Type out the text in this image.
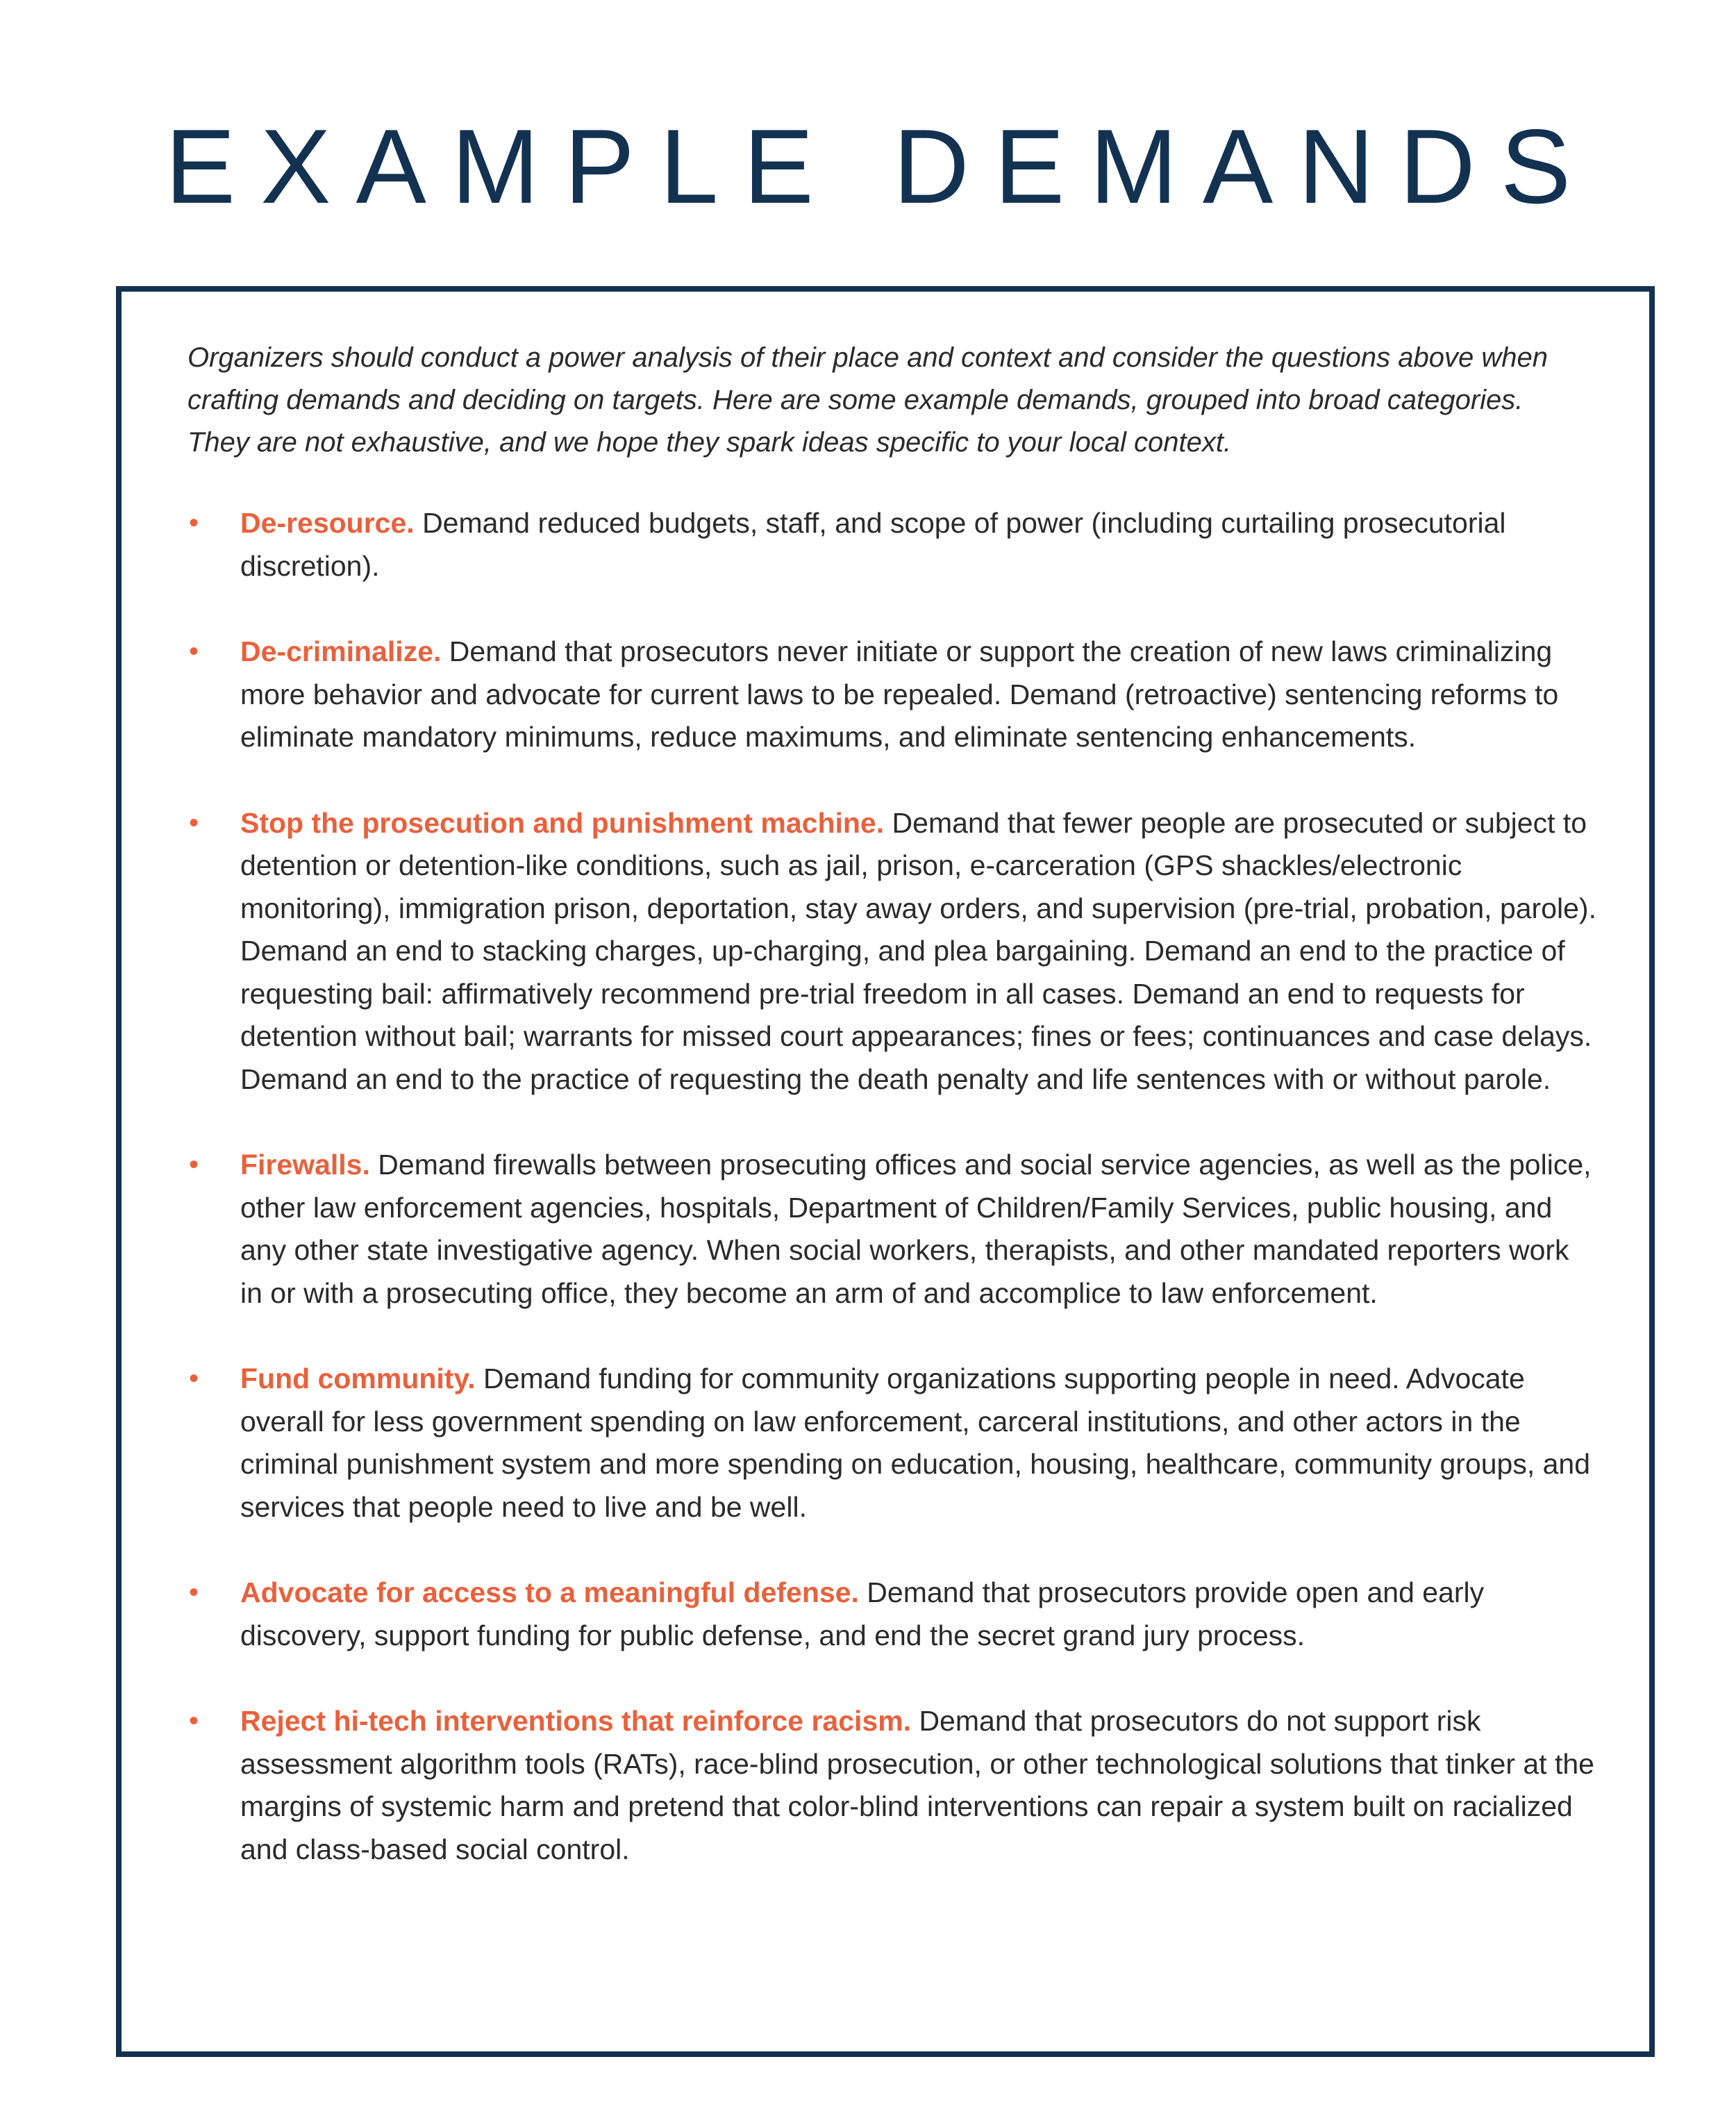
EXAMPLE DEMANDS

Organizers should conduct a power analysis of their place and context and consider the questions above when crafting demands and deciding on targets. Here are some example demands, grouped into broad categories. They are not exhaustive, and we hope they spark ideas specific to your local context.

• De-resource. Demand reduced budgets, staff, and scope of power (including curtailing prosecutorial discretion).
• De-criminalize. Demand that prosecutors never initiate or support the creation of new laws criminalizing more behavior and advocate for current laws to be repealed. Demand (retroactive) sentencing reforms to eliminate mandatory minimums, reduce maximums, and eliminate sentencing enhancements.
• Stop the prosecution and punishment machine. Demand that fewer people are prosecuted or subject to detention or detention-like conditions, such as jail, prison, e-carceration (GPS shackles/electronic monitoring), immigration prison, deportation, stay away orders, and supervision (pre-trial, probation, parole). Demand an end to stacking charges, up-charging, and plea bargaining. Demand an end to the practice of requesting bail: affirmatively recommend pre-trial freedom in all cases. Demand an end to requests for detention without bail; warrants for missed court appearances; fines or fees; continuances and case delays. Demand an end to the practice of requesting the death penalty and life sentences with or without parole.
• Firewalls. Demand firewalls between prosecuting offices and social service agencies, as well as the police, other law enforcement agencies, hospitals, Department of Children/Family Services, public housing, and any other state investigative agency. When social workers, therapists, and other mandated reporters work in or with a prosecuting office, they become an arm of and accomplice to law enforcement.
• Fund community. Demand funding for community organizations supporting people in need. Advocate overall for less government spending on law enforcement, carceral institutions, and other actors in the criminal punishment system and more spending on education, housing, healthcare, community groups, and services that people need to live and be well.
• Advocate for access to a meaningful defense. Demand that prosecutors provide open and early discovery, support funding for public defense, and end the secret grand jury process.
• Reject hi-tech interventions that reinforce racism. Demand that prosecutors do not support risk assessment algorithm tools (RATs), race-blind prosecution, or other technological solutions that tinker at the margins of systemic harm and pretend that color-blind interventions can repair a system built on racialized and class-based social control.
